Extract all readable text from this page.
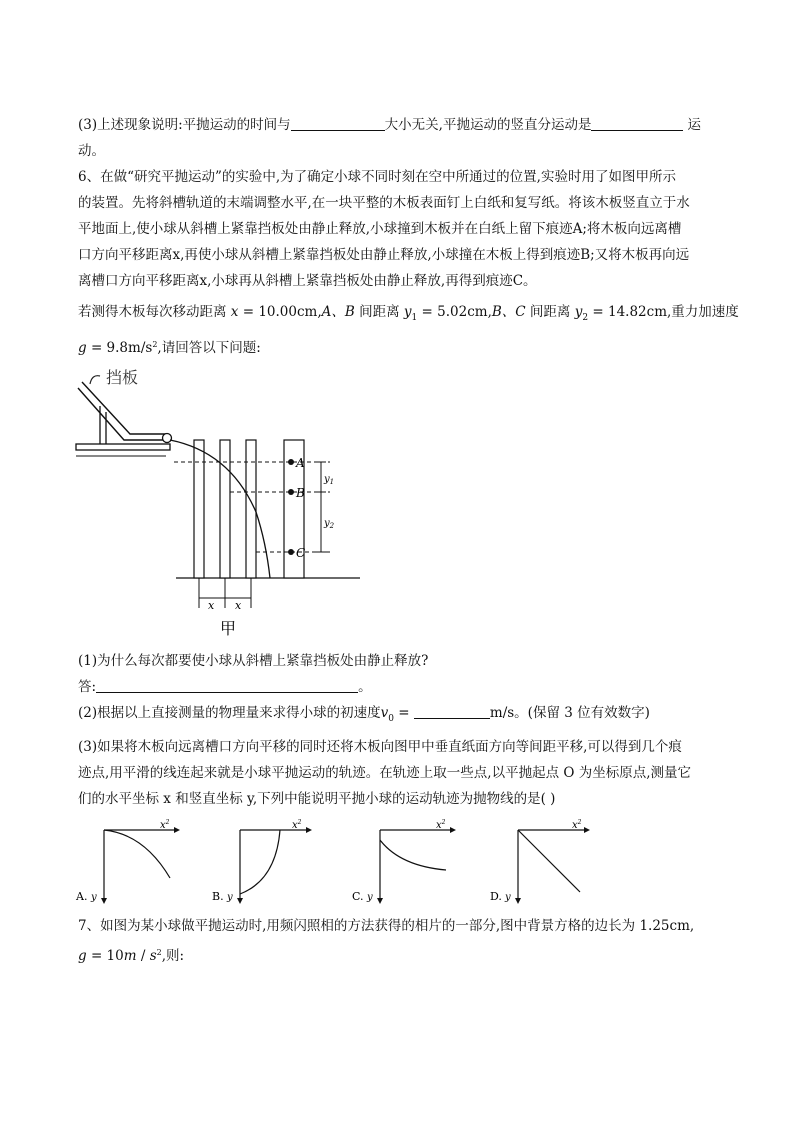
(3)上述现象说明:平抛运动的时间与	大小无关,平抛运动的竖直分运动是	运
动。
6、在做“研究平抛运动”的实验中,为了确定小球不同时刻在空中所通过的位置,实验时用了如图甲所示
的装置。先将斜槽轨道的末端调整水平,在一块平整的木板表面钉上白纸和复写纸。将该木板竖直立于水
平地面上,使小球从斜槽上紧靠挡板处由静止释放,小球撞到木板并在白纸上留下痕迹A;将木板向远离槽
口方向平移距离x,再使小球从斜槽上紧靠挡板处由静止释放,小球撞在木板上得到痕迹B;又将木板再向远
离槽口方向平移距离x,小球再从斜槽上紧靠挡板处由静止释放,再得到痕迹C。
若测得木板每次移动距离 x = 10.00cm,A、B 间距离 $y_1 = 5.02cm,B$、C 间距离 $y_2 = 14.82cm$,重力加速度
$g = 9.8m/s^2$,请回答以下问题:
挡板
A
B
C
$y_1$
$y_2$
x x
甲
(1)为什么每次都要使小球从斜槽上紧靠挡板处由静止释放?
答:	。
(2)根据以上直接测量的物理量来求得小球的初速度$v_0$ =	m/s。(保留 3 位有效数字)
(3)如果将木板向远离槽口方向平移的同时还将木板向图甲中垂直纸面方向等间距平移,可以得到几个痕
迹点,用平滑的线连起来就是小球平抛运动的轨迹。在轨迹上取一些点,以平抛起点 O 为坐标原点,测量它
们的水平坐标 x 和竖直坐标 y,下列中能说明平抛小球的运动轨迹为抛物线的是( )
$x^2$
A. y
$x^2$
B. y
$x^2$
C. y
$x^2$
D. y
7、如图为某小球做平抛运动时,用频闪照相的方法获得的相片的一部分,图中背景方格的边长为 1.25cm,
$g = 10m / s^2$,则:
